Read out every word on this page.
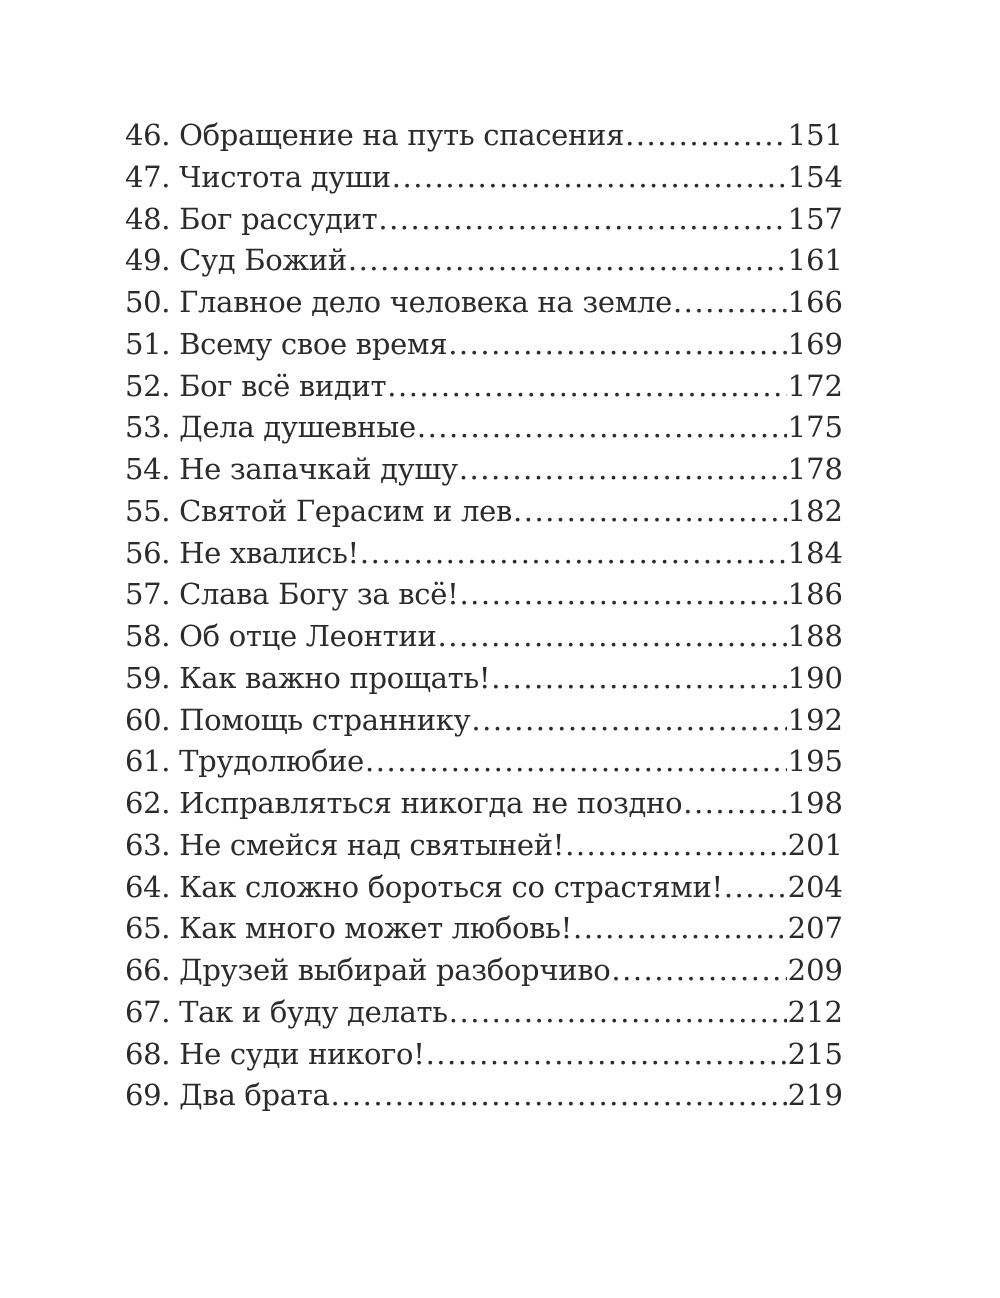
46. Обращение на путь спасения .....	151
47. Чистота души .....	154
48. Бог рассудит .....	157
49. Суд Божий .....	161
50. Главное дело человека на земле .....	166
51. Всему свое время .....	169
52. Бог всё видит .....	172
53. Дела душевные .....	175
54. Не запачкай душу .....	178
55. Святой Герасим и лев .....	182
56. Не хвались! .....	184
57. Слава Богу за всё! .....	186
58. Об отце Леонтии .....	188
59. Как важно прощать! .....	190
60. Помощь страннику .....	192
61. Трудолюбие .....	195
62. Исправляться никогда не поздно .....	198
63. Не смейся над святыней! .....	201
64. Как сложно бороться со страстями! ..... 204
65. Как много может любовь! .....	207
66. Друзей выбирай разборчиво .....	209
67. Так и буду делать .....	212
68. Не суди никого! .....	215
69. Два брата .....	219
